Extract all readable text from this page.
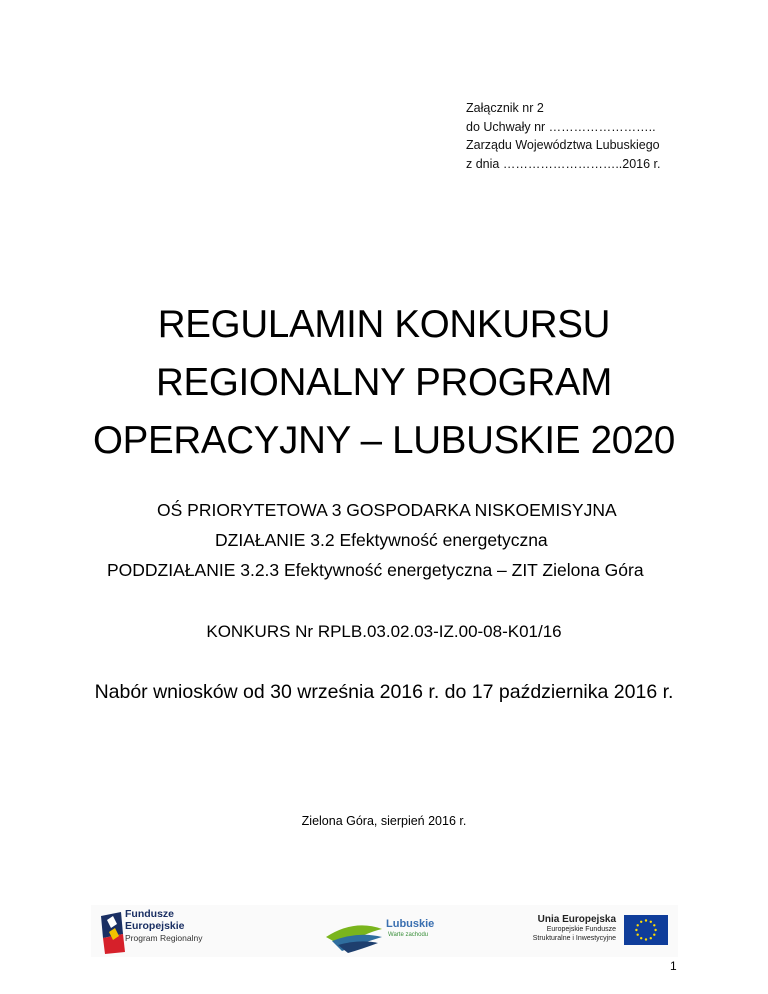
Załącznik nr 2
do Uchwały nr ……………………..
Zarządu Województwa Lubuskiego
z dnia ………………………..2016 r.
REGULAMIN KONKURSU
REGIONALNY PROGRAM
OPERACYJNY – LUBUSKIE 2020
OŚ PRIORYTETOWA 3 GOSPODARKA NISKOEMISYJNA
DZIAŁANIE 3.2 Efektywność energetyczna
PODDZIAŁANIE 3.2.3 Efektywność energetyczna – ZIT Zielona Góra
KONKURS Nr RPLB.03.02.03-IZ.00-08-K01/16
Nabór wniosków od 30 września 2016 r. do 17 października 2016 r.
Zielona Góra, sierpień 2016 r.
Fundusze
Europejskie
Program Regionalny
Lubuskie
Warte zachodu
Unia Europejska
Europejskie Fundusze
Strukturalne i Inwestycyjne
1
